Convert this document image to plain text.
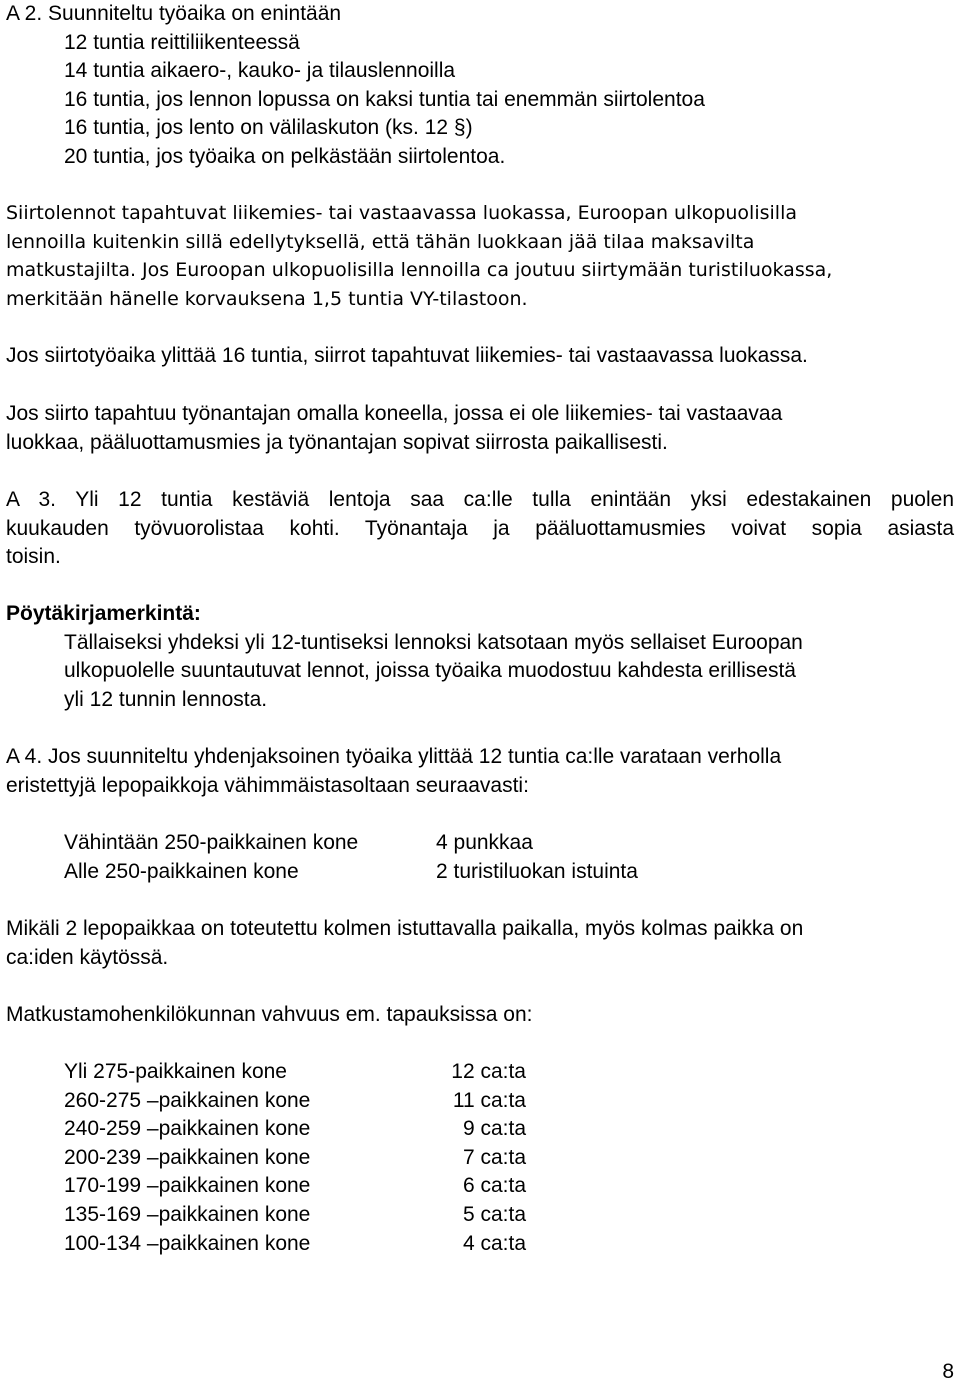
A 2. Suunniteltu työaika on enintään
12 tuntia reittiliikenteessä
14 tuntia aikaero-, kauko- ja tilauslennoilla
16 tuntia, jos lennon lopussa on kaksi tuntia tai enemmän siirtolentoa
16 tuntia, jos lento on välilaskuton (ks. 12 §)
20 tuntia, jos työaika on pelkästään siirtolentoa.
Siirtolennot tapahtuvat liikemies- tai vastaavassa luokassa, Euroopan ulkopuolisilla
lennoilla kuitenkin sillä edellytyksellä, että tähän luokkaan jää tilaa maksavilta
matkustajilta. Jos Euroopan ulkopuolisilla lennoilla ca joutuu siirtymään turistiluokassa,
merkitään hänelle korvauksena 1,5 tuntia VY-tilastoon.
Jos siirtotyöaika ylittää 16 tuntia, siirrot tapahtuvat liikemies- tai vastaavassa luokassa.
Jos siirto tapahtuu työnantajan omalla koneella, jossa ei ole liikemies- tai vastaavaa
luokkaa, pääluottamusmies ja työnantajan sopivat siirrosta paikallisesti.
A 3. Yli 12 tuntia kestäviä lentoja saa ca:lle tulla enintään yksi edestakainen puolen
kuukauden työvuorolistaa kohti. Työnantaja ja pääluottamusmies voivat sopia asiasta
toisin.
Pöytäkirjamerkintä:
Tällaiseksi yhdeksi yli 12-tuntiseksi lennoksi katsotaan myös sellaiset Euroopan
ulkopuolelle suuntautuvat lennot, joissa työaika muodostuu kahdesta erillisestä
yli 12 tunnin lennosta.
A 4. Jos suunniteltu yhdenjaksoinen työaika ylittää 12 tuntia ca:lle varataan verholla
eristettyjä lepopaikkoja vähimmäistasoltaan seuraavasti:
Vähintään 250-paikkainen kone	4 punkkaa
Alle 250-paikkainen kone	2 turistiluokan istuinta
Mikäli 2 lepopaikkaa on toteutettu kolmen istuttavalla paikalla, myös kolmas paikka on
ca:iden käytössä.
Matkustamohenkilökunnan vahvuus em. tapauksissa on:
Yli 275-paikkainen kone	12 ca:ta
260-275 –paikkainen kone	11 ca:ta
240-259 –paikkainen kone	9 ca:ta
200-239 –paikkainen kone	7 ca:ta
170-199 –paikkainen kone	6 ca:ta
135-169 –paikkainen kone	5 ca:ta
100-134 –paikkainen kone	4 ca:ta
8
